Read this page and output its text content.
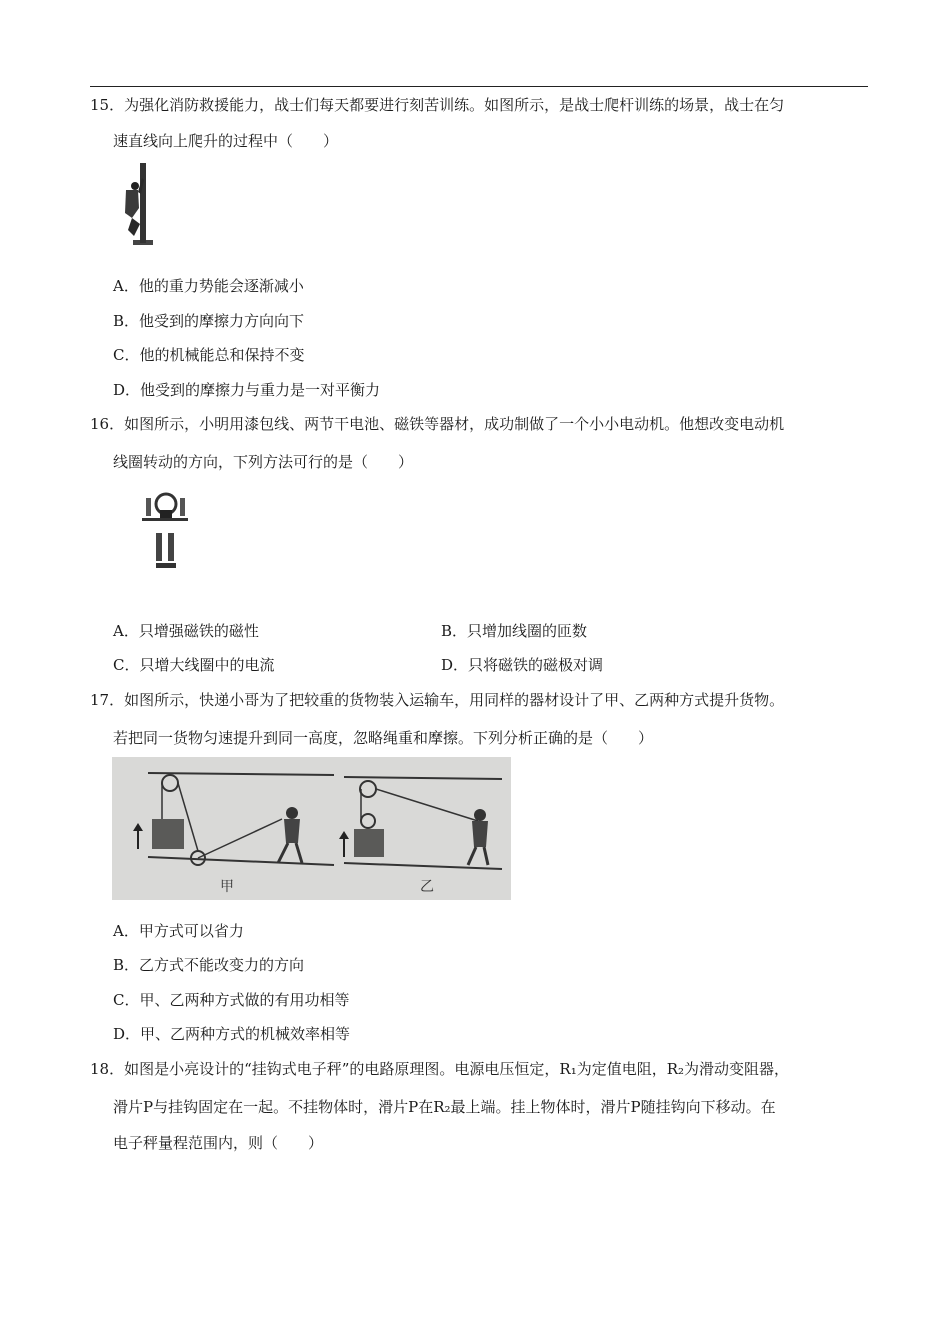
15．为强化消防救援能力，战士们每天都要进行刻苦训练。如图所示，是战士爬杆训练的场景，战士在匀
速直线向上爬升的过程中（　　）
A．他的重力势能会逐渐减小
B．他受到的摩擦力方向向下
C．他的机械能总和保持不变
D．他受到的摩擦力与重力是一对平衡力
16．如图所示，小明用漆包线、两节干电池、磁铁等器材，成功制做了一个小小电动机。他想改变电动机
线圈转动的方向，下列方法可行的是（　　）
A．只增强磁铁的磁性	B．只增加线圈的匝数
C．只增大线圈中的电流	D．只将磁铁的磁极对调
17．如图所示，快递小哥为了把较重的货物装入运输车，用同样的器材设计了甲、乙两种方式提升货物。
若把同一货物匀速提升到同一高度，忽略绳重和摩擦。下列分析正确的是（　　）
甲	乙
A．甲方式可以省力
B．乙方式不能改变力的方向
C．甲、乙两种方式做的有用功相等
D．甲、乙两种方式的机械效率相等
18．如图是小亮设计的“挂钩式电子秤”的电路原理图。电源电压恒定，R₁为定值电阻，R₂为滑动变阻器，
滑片P与挂钩固定在一起。不挂物体时，滑片P在R₂最上端。挂上物体时，滑片P随挂钩向下移动。在
电子秤量程范围内，则（　　）
